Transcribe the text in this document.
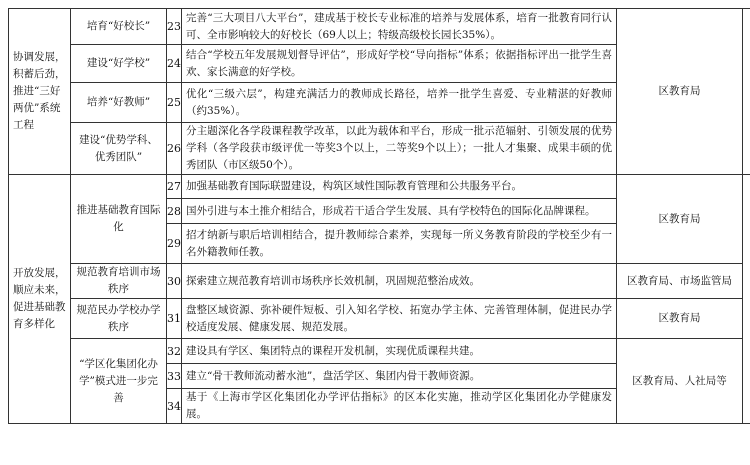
协调发展，积蓄后劲，推进“三好两优”系统工程	培育“好校长”	23	完善“三大项目八大平台”，建成基于校长专业标准的培养与发展体系，培育一批教育同行认可、全市影响较大的好校长（69人以上；特级高级校长园长35%）。	区教育局	
	建设“好学校”	24	结合“学校五年发展规划督导评估”，形成好学校“导向指标”体系；依据指标评出一批学生喜欢、家长满意的好学校。		
	培养“好教师”	25	优化“三级六层”，构建充满活力的教师成长路径，培养一批学生喜爱、专业精湛的好教师（约35%）。		
	建设“优势学科、优秀团队”	26	分主题深化各学段课程教学改革，以此为载体和平台，形成一批示范辐射、引领发展的优势学科（各学段获市级评优一等奖3个以上，二等奖9个以上）；一批人才集聚、成果丰硕的优秀团队（市区级50个）。		
开放发展，顺应未来，促进基础教育多样化	推进基础教育国际化	27	加强基础教育国际联盟建设，构筑区域性国际教育管理和公共服务平台。	区教育局	
		28	国外引进与本土推介相结合，形成若干适合学生发展、具有学校特色的国际化品牌课程。		
		29	招才纳新与职后培训相结合，提升教师综合素养，实现每一所义务教育阶段的学校至少有一名外籍教师任教。		
	规范教育培训市场秩序	30	探索建立规范教育培训市场秩序长效机制，巩固规范整治成效。	区教育局、市场监管局	
	规范民办学校办学秩序	31	盘整区域资源、弥补硬件短板、引入知名学校、拓宽办学主体、完善管理体制，促进民办学校适度发展、健康发展、规范发展。	区教育局	
	“学区化集团化办学”模式进一步完善	32	建设具有学区、集团特点的课程开发机制，实现优质课程共建。	区教育局、人社局等	
		33	建立“骨干教师流动蓄水池”，盘活学区、集团内骨干教师资源。		
		34	基于《上海市学区化集团化办学评估指标》的区本化实施，推动学区化集团化办学健康发展。		
